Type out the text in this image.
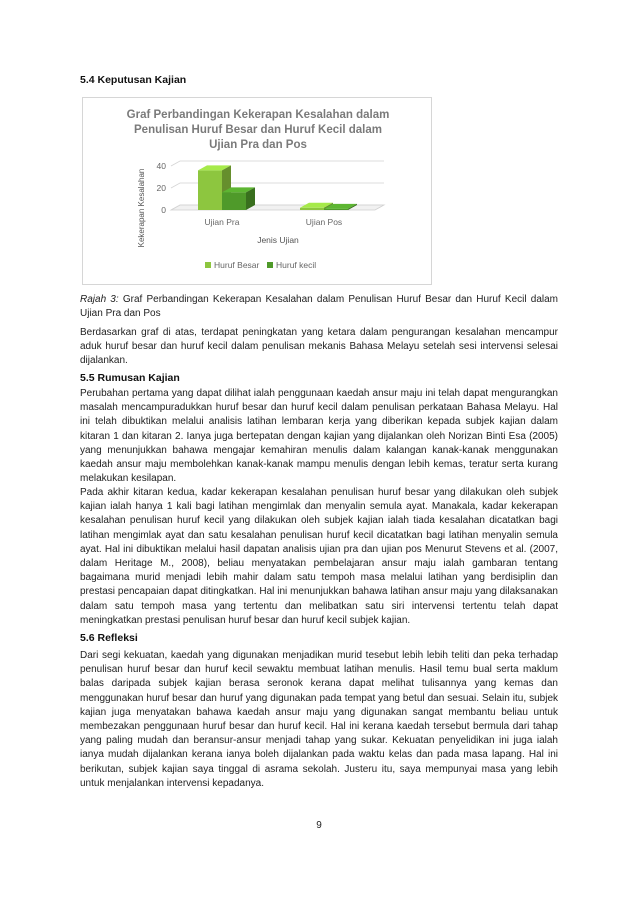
5.4 Keputusan Kajian

Graf Perbandingan Kekerapan Kesalahan dalam
Penulisan Huruf Besar dan Huruf Kecil dalam
Ujian Pra dan Pos
0
20
40
Ujian Pra	Ujian Pos
Jenis Ujian
Kekerapan Kesalahan
Huruf Besar Huruf kecil

Rajah 3: Graf Perbandingan Kekerapan Kesalahan dalam Penulisan Huruf Besar dan Huruf Kecil dalam Ujian Pra dan Pos

Berdasarkan graf di atas, terdapat peningkatan yang ketara dalam pengurangan kesalahan mencampur aduk huruf besar dan huruf kecil dalam penulisan mekanis Bahasa Melayu setelah sesi intervensi selesai dijalankan.

5.5 Rumusan Kajian

Perubahan pertama yang dapat dilihat ialah penggunaan kaedah ansur maju ini telah dapat mengurangkan masalah mencampuradukkan huruf besar dan huruf kecil dalam penulisan perkataan Bahasa Melayu. Hal ini telah dibuktikan melalui analisis latihan lembaran kerja yang diberikan kepada subjek kajian dalam kitaran 1 dan kitaran 2. Ianya juga bertepatan dengan kajian yang dijalankan oleh Norizan Binti Esa (2005) yang menunjukkan bahawa mengajar kemahiran menulis dalam kalangan kanak-kanak menggunakan kaedah ansur maju membolehkan kanak-kanak mampu menulis dengan lebih kemas, teratur serta kurang melakukan kesilapan.

Pada akhir kitaran kedua, kadar kekerapan kesalahan penulisan huruf besar yang dilakukan oleh subjek kajian ialah hanya 1 kali bagi latihan mengimlak dan menyalin semula ayat. Manakala, kadar kekerapan kesalahan penulisan huruf kecil yang dilakukan oleh subjek kajian ialah tiada kesalahan dicatatkan bagi latihan mengimlak ayat dan satu kesalahan penulisan huruf kecil dicatatkan bagi latihan menyalin semula ayat. Hal ini dibuktikan melalui hasil dapatan analisis ujian pra dan ujian pos Menurut Stevens et al. (2007, dalam Heritage M., 2008), beliau menyatakan pembelajaran ansur maju ialah gambaran tentang bagaimana murid menjadi lebih mahir dalam satu tempoh masa melalui latihan yang berdisiplin dan prestasi pencapaian dapat ditingkatkan. Hal ini menunjukkan bahawa latihan ansur maju yang dilaksanakan dalam satu tempoh masa yang tertentu dan melibatkan satu siri intervensi tertentu telah dapat meningkatkan prestasi penulisan huruf besar dan huruf kecil subjek kajian.

5.6 Refleksi

Dari segi kekuatan, kaedah yang digunakan menjadikan murid tesebut lebih lebih teliti dan peka terhadap penulisan huruf besar dan huruf kecil sewaktu membuat latihan menulis. Hasil temu bual serta maklum balas daripada subjek kajian berasa seronok kerana dapat melihat tulisannya yang kemas dan menggunakan huruf besar dan huruf yang digunakan pada tempat yang betul dan sesuai. Selain itu, subjek kajian juga menyatakan bahawa kaedah ansur maju yang digunakan sangat membantu beliau untuk membezakan penggunaan huruf besar dan huruf kecil. Hal ini kerana kaedah tersebut bermula dari tahap yang paling mudah dan beransur-ansur menjadi tahap yang sukar. Kekuatan penyelidikan ini juga ialah ianya mudah dijalankan kerana ianya boleh dijalankan pada waktu kelas dan pada masa lapang. Hal ini berikutan, subjek kajian saya tinggal di asrama sekolah. Justeru itu, saya mempunyai masa yang lebih untuk menjalankan intervensi kepadanya.

9
